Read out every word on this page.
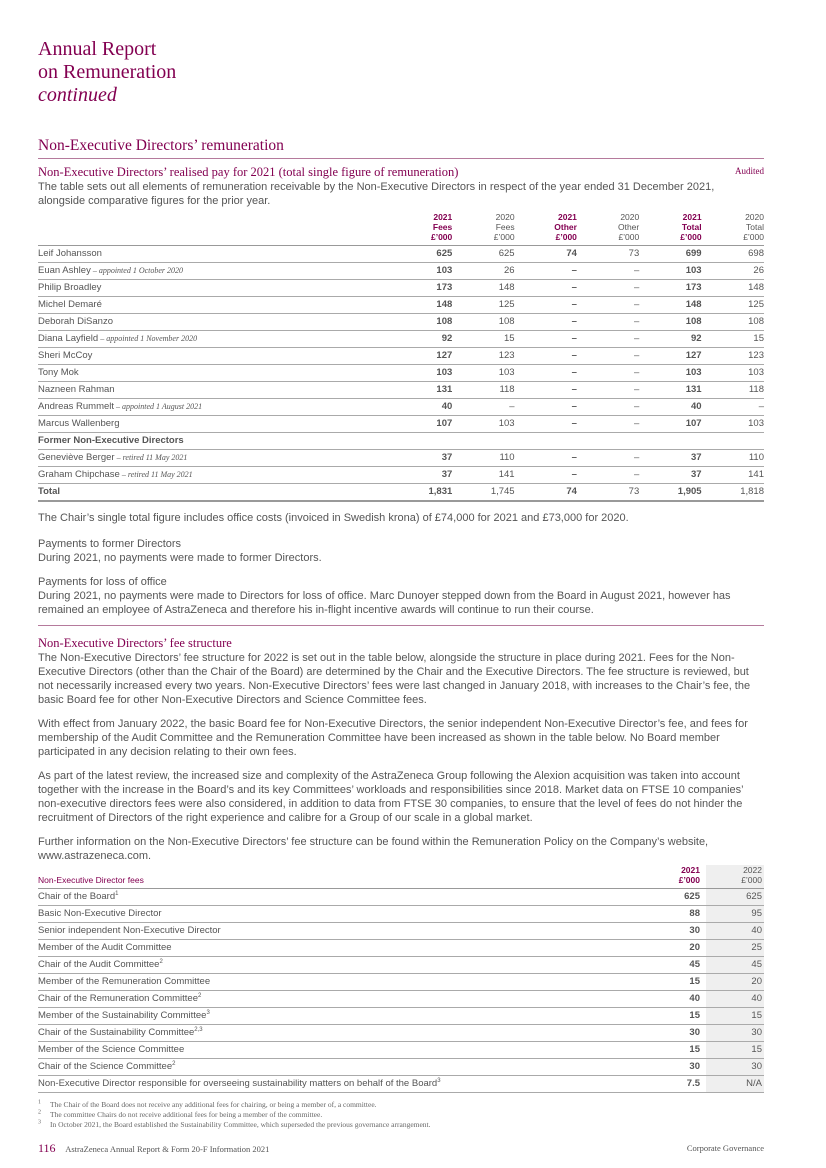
Annual Report
on Remuneration
continued
Non-Executive Directors’ remuneration
Audited
Non-Executive Directors’ realised pay for 2021 (total single figure of remuneration)
The table sets out all elements of remuneration receivable by the Non-Executive Directors in respect of the year ended 31 December 2021, alongside comparative figures for the prior year.
	2021
Fees
£’000	2020
Fees
£’000	2021
Other
£’000	2020
Other
£’000	2021
Total
£’000	2020
Total
£’000
Leif Johansson	625	625	74	73	699	698
Euan Ashley – appointed 1 October 2020	103	26	–	–	103	26
Philip Broadley	173	148	–	–	173	148
Michel Demaré	148	125	–	–	148	125
Deborah DiSanzo	108	108	–	–	108	108
Diana Layfield – appointed 1 November 2020	92	15	–	–	92	15
Sheri McCoy	127	123	–	–	127	123
Tony Mok	103	103	–	–	103	103
Nazneen Rahman	131	118	–	–	131	118
Andreas Rummelt – appointed 1 August 2021	40	–	–	–	40	–
Marcus Wallenberg	107	103	–	–	107	103
Former Non-Executive Directors						
Geneviève Berger – retired 11 May 2021	37	110	–	–	37	110
Graham Chipchase – retired 11 May 2021	37	141	–	–	37	141
Total	1,831	1,745	74	73	1,905	1,818
The Chair’s single total figure includes office costs (invoiced in Swedish krona) of £74,000 for 2021 and £73,000 for 2020.
Payments to former Directors
During 2021, no payments were made to former Directors.
Payments for loss of office
During 2021, no payments were made to Directors for loss of office. Marc Dunoyer stepped down from the Board in August 2021, however has remained an employee of AstraZeneca and therefore his in-flight incentive awards will continue to run their course.
Non-Executive Directors’ fee structure
The Non-Executive Directors’ fee structure for 2022 is set out in the table below, alongside the structure in place during 2021. Fees for the Non-Executive Directors (other than the Chair of the Board) are determined by the Chair and the Executive Directors. The fee structure is reviewed, but not necessarily increased every two years. Non-Executive Directors’ fees were last changed in January 2018, with increases to the Chair’s fee, the basic Board fee for other Non-Executive Directors and Science Committee fees.
With effect from January 2022, the basic Board fee for Non-Executive Directors, the senior independent Non-Executive Director’s fee, and fees for membership of the Audit Committee and the Remuneration Committee have been increased as shown in the table below. No Board member participated in any decision relating to their own fees.
As part of the latest review, the increased size and complexity of the AstraZeneca Group following the Alexion acquisition was taken into account together with the increase in the Board’s and its key Committees’ workloads and responsibilities since 2018. Market data on FTSE 10 companies’ non-executive directors fees were also considered, in addition to data from FTSE 30 companies, to ensure that the level of fees do not hinder the recruitment of Directors of the right experience and calibre for a Group of our scale in a global market.
Further information on the Non-Executive Directors’ fee structure can be found within the Remuneration Policy on the Company’s website, www.astrazeneca.com.
Non-Executive Director fees	2021
£’000	2022
£’000
Chair of the Board$^1$	625	625
Basic Non-Executive Director	88	95
Senior independent Non-Executive Director	30	40
Member of the Audit Committee	20	25
Chair of the Audit Committee$^2$	45	45
Member of the Remuneration Committee	15	20
Chair of the Remuneration Committee$^2$	40	40
Member of the Sustainability Committee$^3$	15	15
Chair of the Sustainability Committee$^{2,3}$	30	30
Member of the Science Committee	15	15
Chair of the Science Committee$^2$	30	30
Non-Executive Director responsible for overseeing sustainability matters on behalf of the Board$^3$	7.5	N/A
$^1$ The Chair of the Board does not receive any additional fees for chairing, or being a member of, a committee.
$^2$ The committee Chairs do not receive additional fees for being a member of the committee.
$^3$ In October 2021, the Board established the Sustainability Committee, which superseded the previous governance arrangement.
116 AstraZeneca Annual Report & Form 20-F Information 2021	Corporate Governance
